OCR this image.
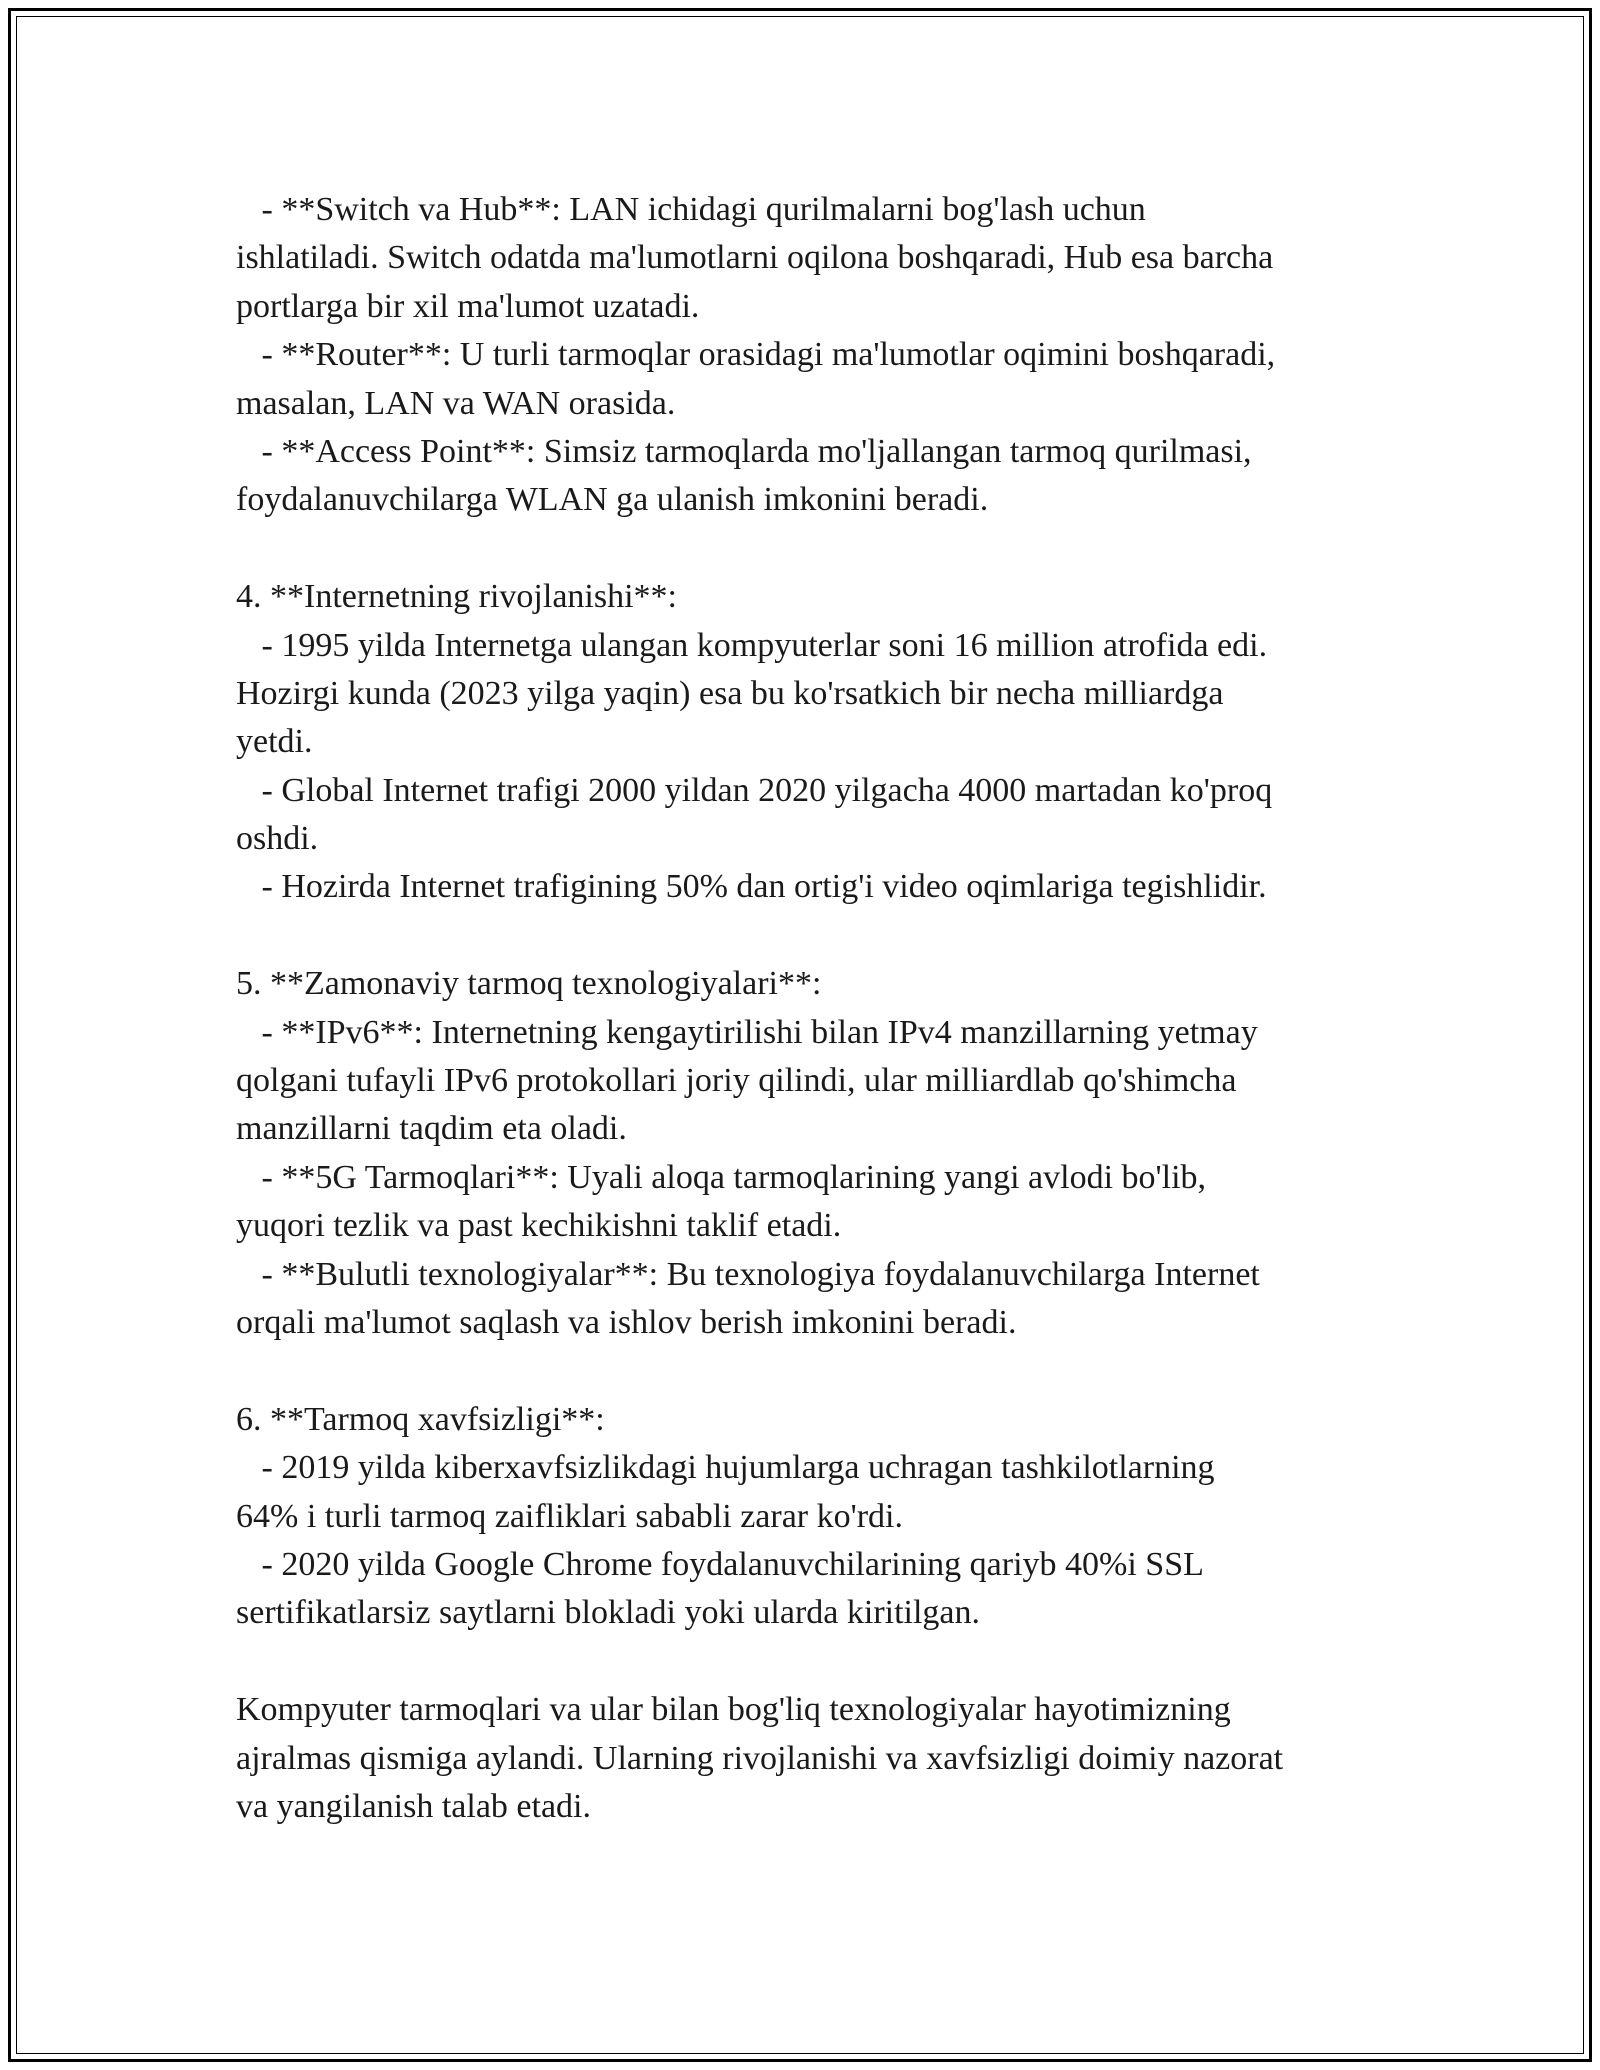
- **Switch va Hub**: LAN ichidagi qurilmalarni bog'lash uchun
ishlatiladi. Switch odatda ma'lumotlarni oqilona boshqaradi, Hub esa barcha
portlarga bir xil ma'lumot uzatadi.
- **Router**: U turli tarmoqlar orasidagi ma'lumotlar oqimini boshqaradi,
masalan, LAN va WAN orasida.
- **Access Point**: Simsiz tarmoqlarda mo'ljallangan tarmoq qurilmasi,
foydalanuvchilarga WLAN ga ulanish imkonini beradi.
4. **Internetning rivojlanishi**:
- 1995 yilda Internetga ulangan kompyuterlar soni 16 million atrofida edi.
Hozirgi kunda (2023 yilga yaqin) esa bu ko'rsatkich bir necha milliardga
yetdi.
- Global Internet trafigi 2000 yildan 2020 yilgacha 4000 martadan ko'proq
oshdi.
- Hozirda Internet trafigining 50% dan ortig'i video oqimlariga tegishlidir.
5. **Zamonaviy tarmoq texnologiyalari**:
- **IPv6**: Internetning kengaytirilishi bilan IPv4 manzillarning yetmay
qolgani tufayli IPv6 protokollari joriy qilindi, ular milliardlab qo'shimcha
manzillarni taqdim eta oladi.
- **5G Tarmoqlari**: Uyali aloqa tarmoqlarining yangi avlodi bo'lib,
yuqori tezlik va past kechikishni taklif etadi.
- **Bulutli texnologiyalar**: Bu texnologiya foydalanuvchilarga Internet
orqali ma'lumot saqlash va ishlov berish imkonini beradi.
6. **Tarmoq xavfsizligi**:
- 2019 yilda kiberxavfsizlikdagi hujumlarga uchragan tashkilotlarning
64% i turli tarmoq zaifliklari sababli zarar ko'rdi.
- 2020 yilda Google Chrome foydalanuvchilarining qariyb 40%i SSL
sertifikatlarsiz saytlarni blokladi yoki ularda kiritilgan.
Kompyuter tarmoqlari va ular bilan bog'liq texnologiyalar hayotimizning
ajralmas qismiga aylandi. Ularning rivojlanishi va xavfsizligi doimiy nazorat
va yangilanish talab etadi.
